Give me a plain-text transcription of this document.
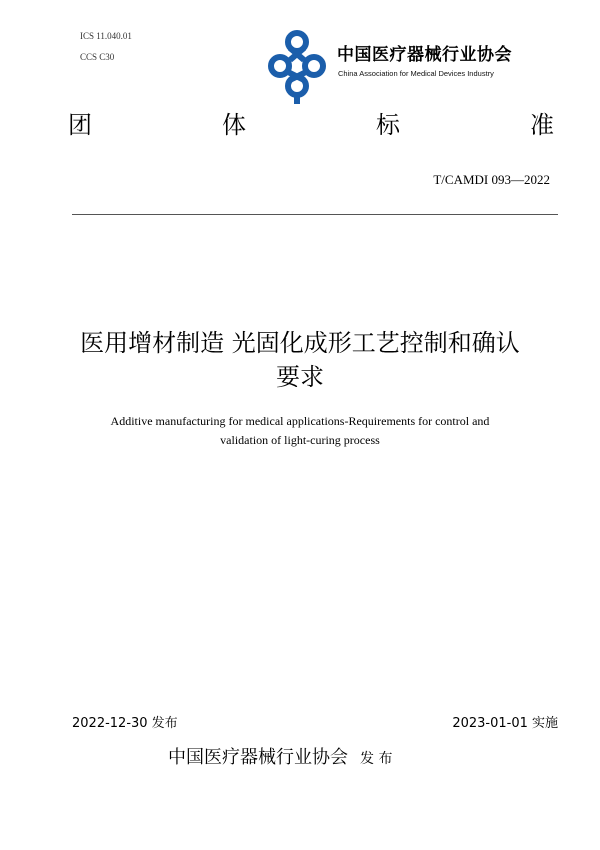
ICS 11.040.01
CCS C30	中国医疗器械行业协会
China Association for Medical Devices Industry
团	体	标	准
T/CAMDI 093—2022
医用增材制造 光固化成形工艺控制和确认
要求
Additive manufacturing for medical applications-Requirements for control and
validation of light-curing process
2022-12-30 发布	2023-01-01 实施
中国医疗器械行业协会 发 布
